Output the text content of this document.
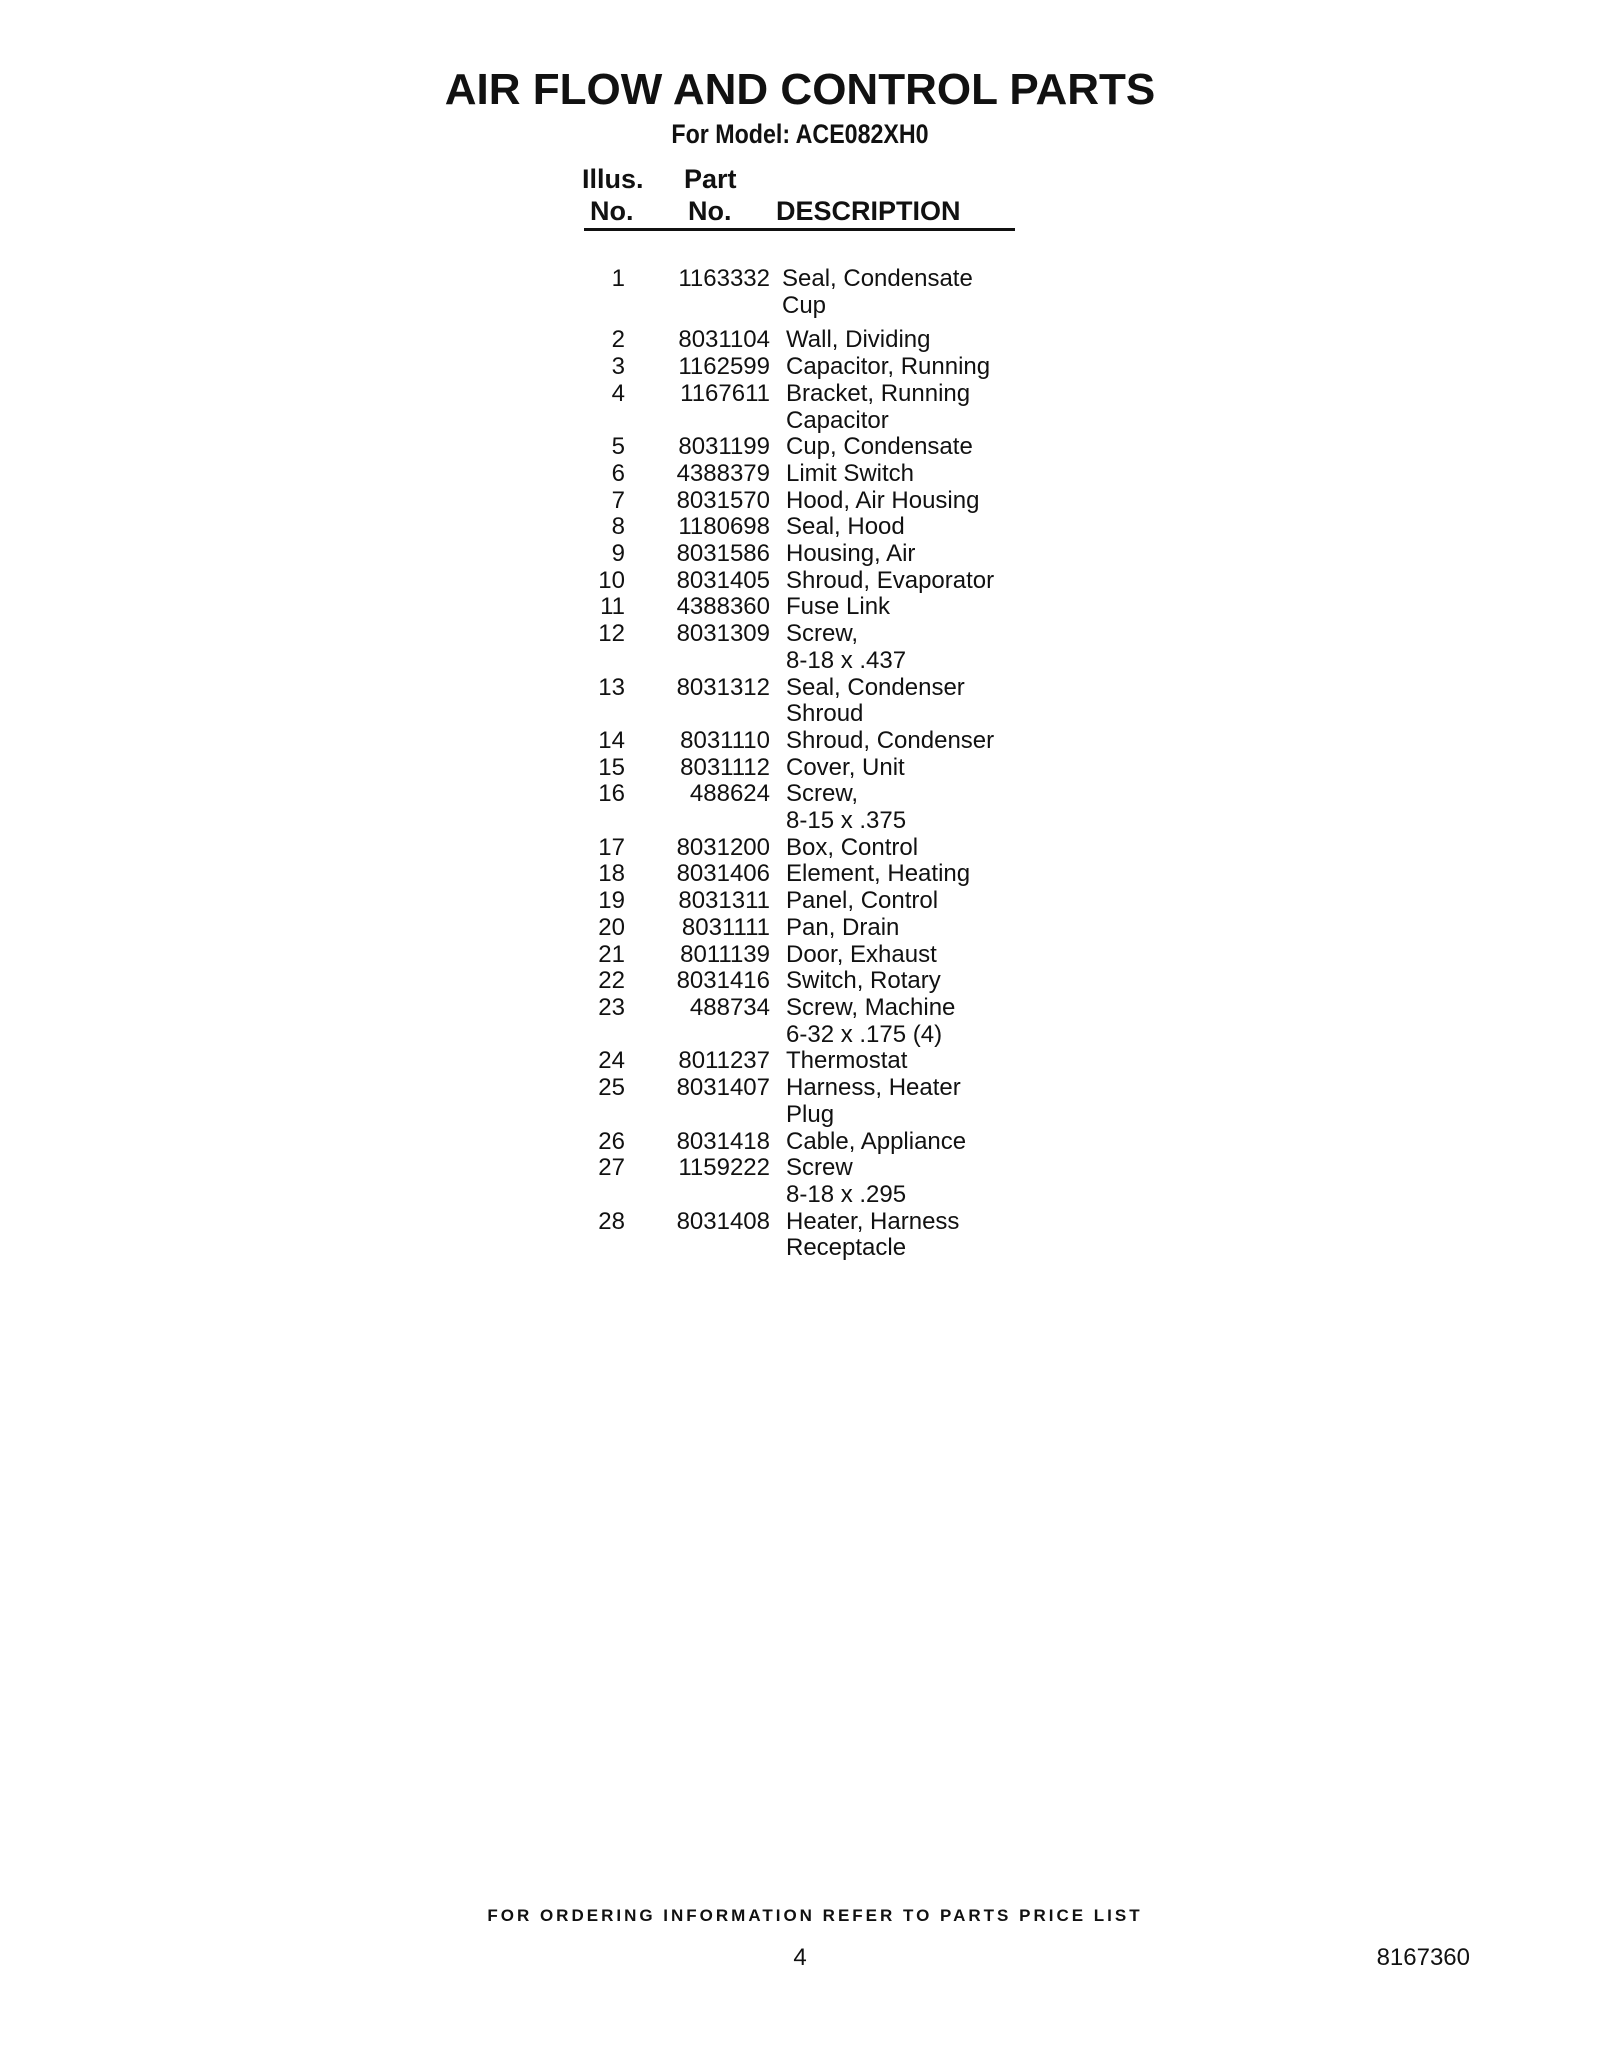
AIR FLOW AND CONTROL PARTS
For Model: ACE082XH0
Illus.
No.
Part
No. DESCRIPTION
1	1163332 Seal, Condensate
Cup
2	8031104 Wall, Dividing
3	1162599 Capacitor, Running
4	1167611 Bracket, Running
Capacitor
5	8031199 Cup, Condensate
6	4388379 Limit Switch
7	8031570 Hood, Air Housing
8	1180698 Seal, Hood
9	8031586 Housing, Air
10	8031405 Shroud, Evaporator
11	4388360 Fuse Link
12	8031309 Screw,
8-18 x .437
13	8031312 Seal, Condenser
Shroud
14	8031110 Shroud, Condenser
15	8031112 Cover, Unit
16	488624 Screw,
8-15 x .375
17	8031200 Box, Control
18	8031406 Element, Heating
19	8031311 Panel, Control
20	8031111 Pan, Drain
21	8011139 Door, Exhaust
22	8031416 Switch, Rotary
23	488734 Screw, Machine
6-32 x .175 (4)
24	8011237 Thermostat
25	8031407 Harness, Heater
Plug
26	8031418 Cable, Appliance
27	1159222 Screw
8-18 x .295
28	8031408 Heater, Harness
Receptacle
FOR ORDERING INFORMATION REFER TO PARTS PRICE LIST
4	8167360
